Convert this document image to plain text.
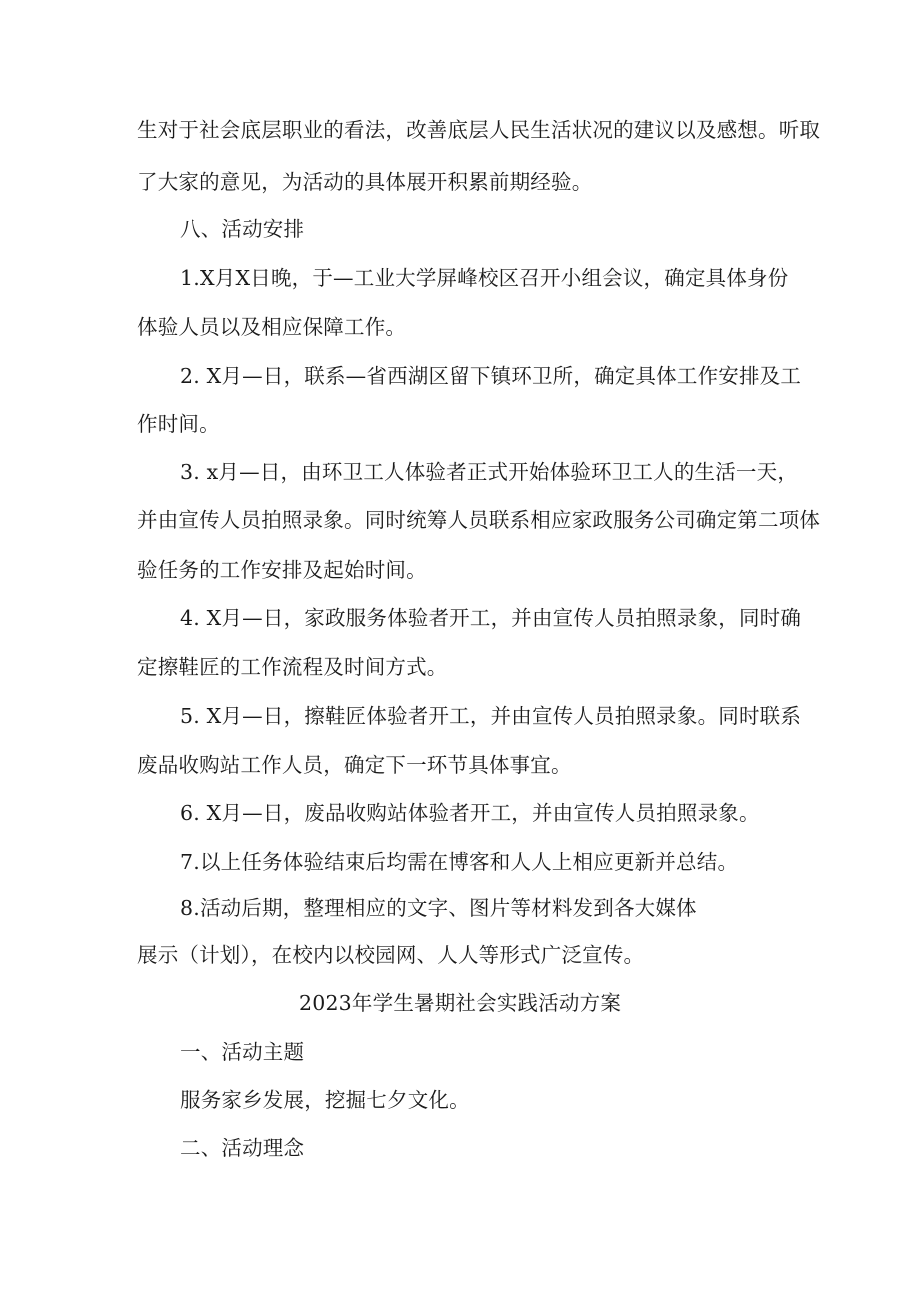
生对于社会底层职业的看法，改善底层人民生活状况的建议以及感想。听取
了大家的意见，为活动的具体展开积累前期经验。
八、活动安排
1.X月X日晚，于—工业大学屏峰校区召开小组会议，确定具体身份
体验人员以及相应保障工作。
2. X月—日，联系—省西湖区留下镇环卫所，确定具体工作安排及工
作时间。
3. x月—日，由环卫工人体验者正式开始体验环卫工人的生活一天，
并由宣传人员拍照录象。同时统筹人员联系相应家政服务公司确定第二项体
验任务的工作安排及起始时间。
4. X月—日，家政服务体验者开工，并由宣传人员拍照录象，同时确
定擦鞋匠的工作流程及时间方式。
5. X月—日，擦鞋匠体验者开工，并由宣传人员拍照录象。同时联系
废品收购站工作人员，确定下一环节具体事宜。
6. X月—日，废品收购站体验者开工，并由宣传人员拍照录象。
7.以上任务体验结束后均需在博客和人人上相应更新并总结。
8.活动后期，整理相应的文字、图片等材料发到各大媒体
展示（计划），在校内以校园网、人人等形式广泛宣传。
2023年学生暑期社会实践活动方案
一、活动主题
服务家乡发展，挖掘七夕文化。
二、活动理念
